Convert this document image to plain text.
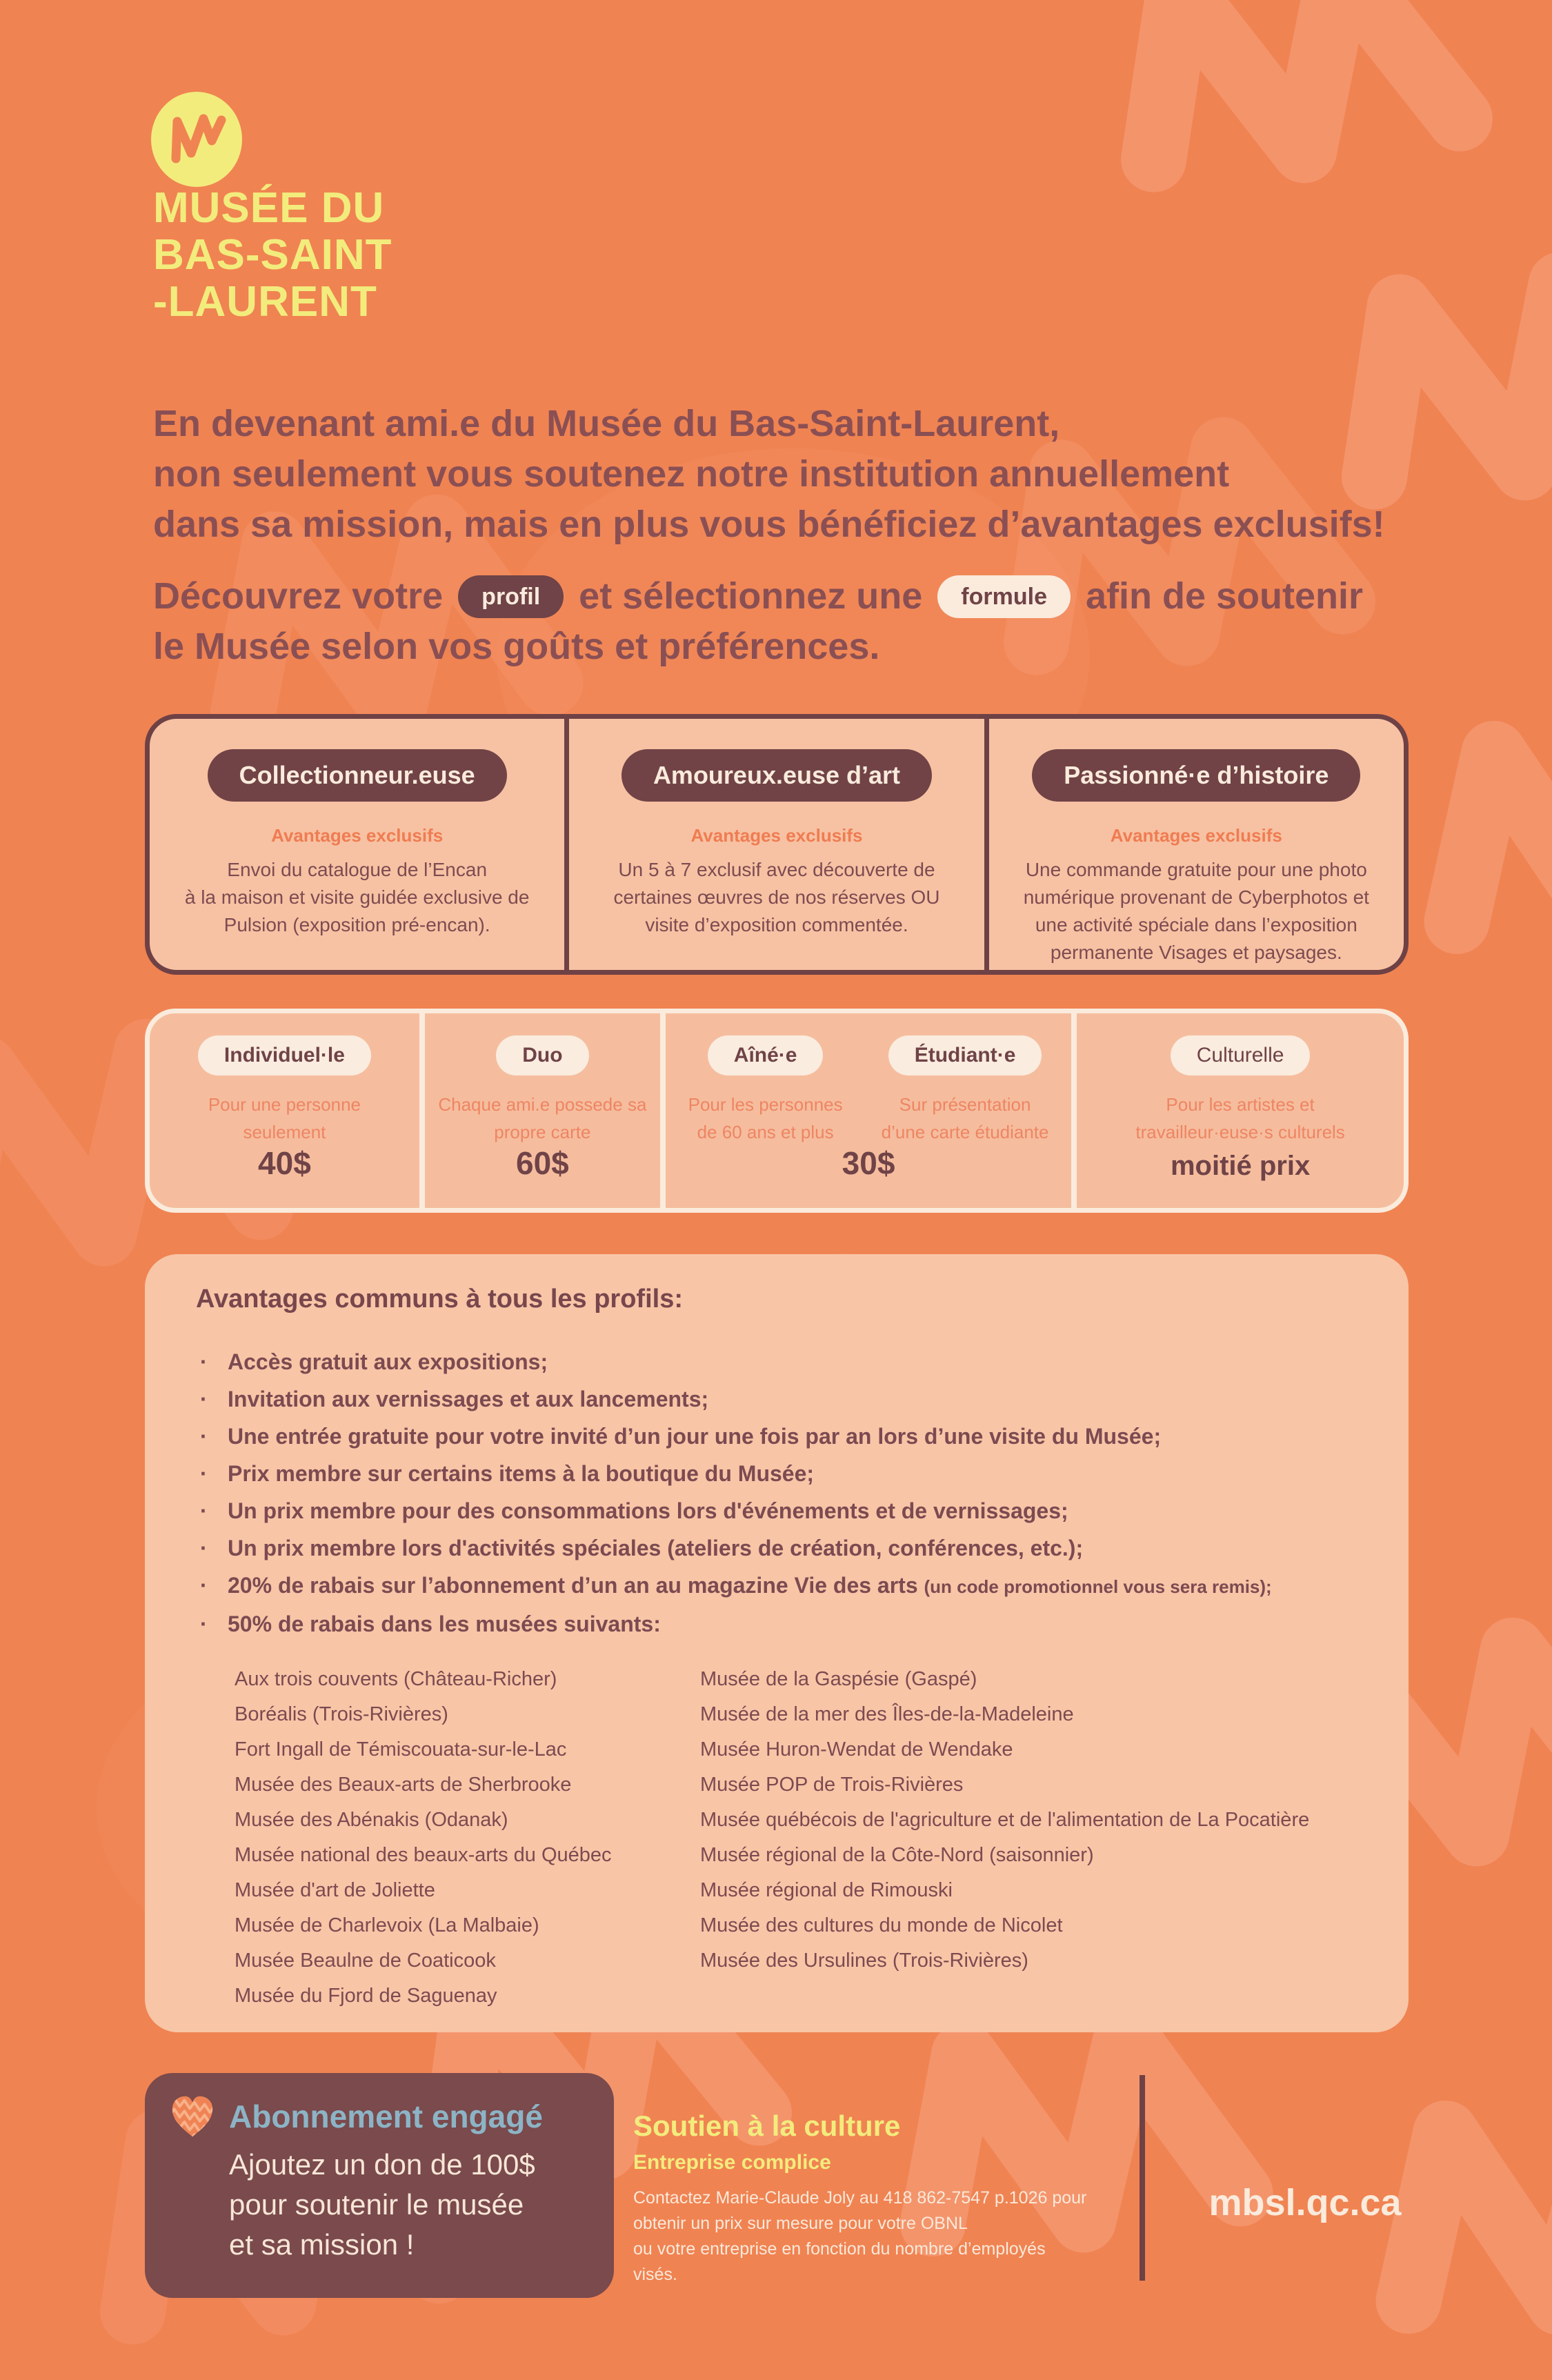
MUSÉE DU
BAS-SAINT
-LAURENT
En devenant ami.e du Musée du Bas-Saint-Laurent,
non seulement vous soutenez notre institution annuellement
dans sa mission, mais en plus vous bénéficiez d’avantages exclusifs!
Découvrez votre	profil	et sélectionnez une	formule	afin de soutenir
le Musée selon vos goûts et préférences.
Collectionneur.euse
Avantages exclusifs
Envoi du catalogue de l’Encan
à la maison et visite guidée exclusive de
Pulsion (exposition pré-encan).
Amoureux.euse d’art
Avantages exclusifs
Un 5 à 7 exclusif avec découverte de
certaines œuvres de nos réserves OU
visite d’exposition commentée.
Passionné·e d’histoire
Avantages exclusifs
Une commande gratuite pour une photo
numérique provenant de Cyberphotos et
une activité spéciale dans l’exposition
permanente Visages et paysages.
Individuel·le
Pour une personne
seulement
40$
Duo
Chaque ami.e possede sa
propre carte
60$
Aîné·e
Pour les personnes
de 60 ans et plus
Étudiant·e
Sur présentation
d’une carte étudiante
30$
Culturelle
Pour les artistes et
travailleur·euse·s culturels
moitié prix
Avantages communs à tous les profils:
· Accès gratuit aux expositions;
· Invitation aux vernissages et aux lancements;
· Une entrée gratuite pour votre invité d’un jour une fois par an lors d’une visite du Musée;
· Prix membre sur certains items à la boutique du Musée;
· Un prix membre pour des consommations lors d'événements et de vernissages;
· Un prix membre lors d'activités spéciales (ateliers de création, conférences, etc.);
· 20% de rabais sur l’abonnement d’un an au magazine Vie des arts (un code promotionnel vous sera remis);
· 50% de rabais dans les musées suivants:
Aux trois couvents (Château-Richer)
Boréalis (Trois-Rivières)
Fort Ingall de Témiscouata-sur-le-Lac
Musée des Beaux-arts de Sherbrooke
Musée des Abénakis (Odanak)
Musée national des beaux-arts du Québec
Musée d'art de Joliette
Musée de Charlevoix (La Malbaie)
Musée Beaulne de Coaticook
Musée du Fjord de Saguenay
Musée de la Gaspésie (Gaspé)
Musée de la mer des Îles-de-la-Madeleine
Musée Huron-Wendat de Wendake
Musée POP de Trois-Rivières
Musée québécois de l'agriculture et de l'alimentation de La Pocatière
Musée régional de la Côte-Nord (saisonnier)
Musée régional de Rimouski
Musée des cultures du monde de Nicolet
Musée des Ursulines (Trois-Rivières)
Abonnement engagé
Ajoutez un don de 100$
pour soutenir le musée
et sa mission !
Soutien à la culture
Entreprise complice
Contactez Marie-Claude Joly au 418 862-7547 p.1026 pour
obtenir un prix sur mesure pour votre OBNL
ou votre entreprise en fonction du nombre d’employés
visés.
mbsl.qc.ca
